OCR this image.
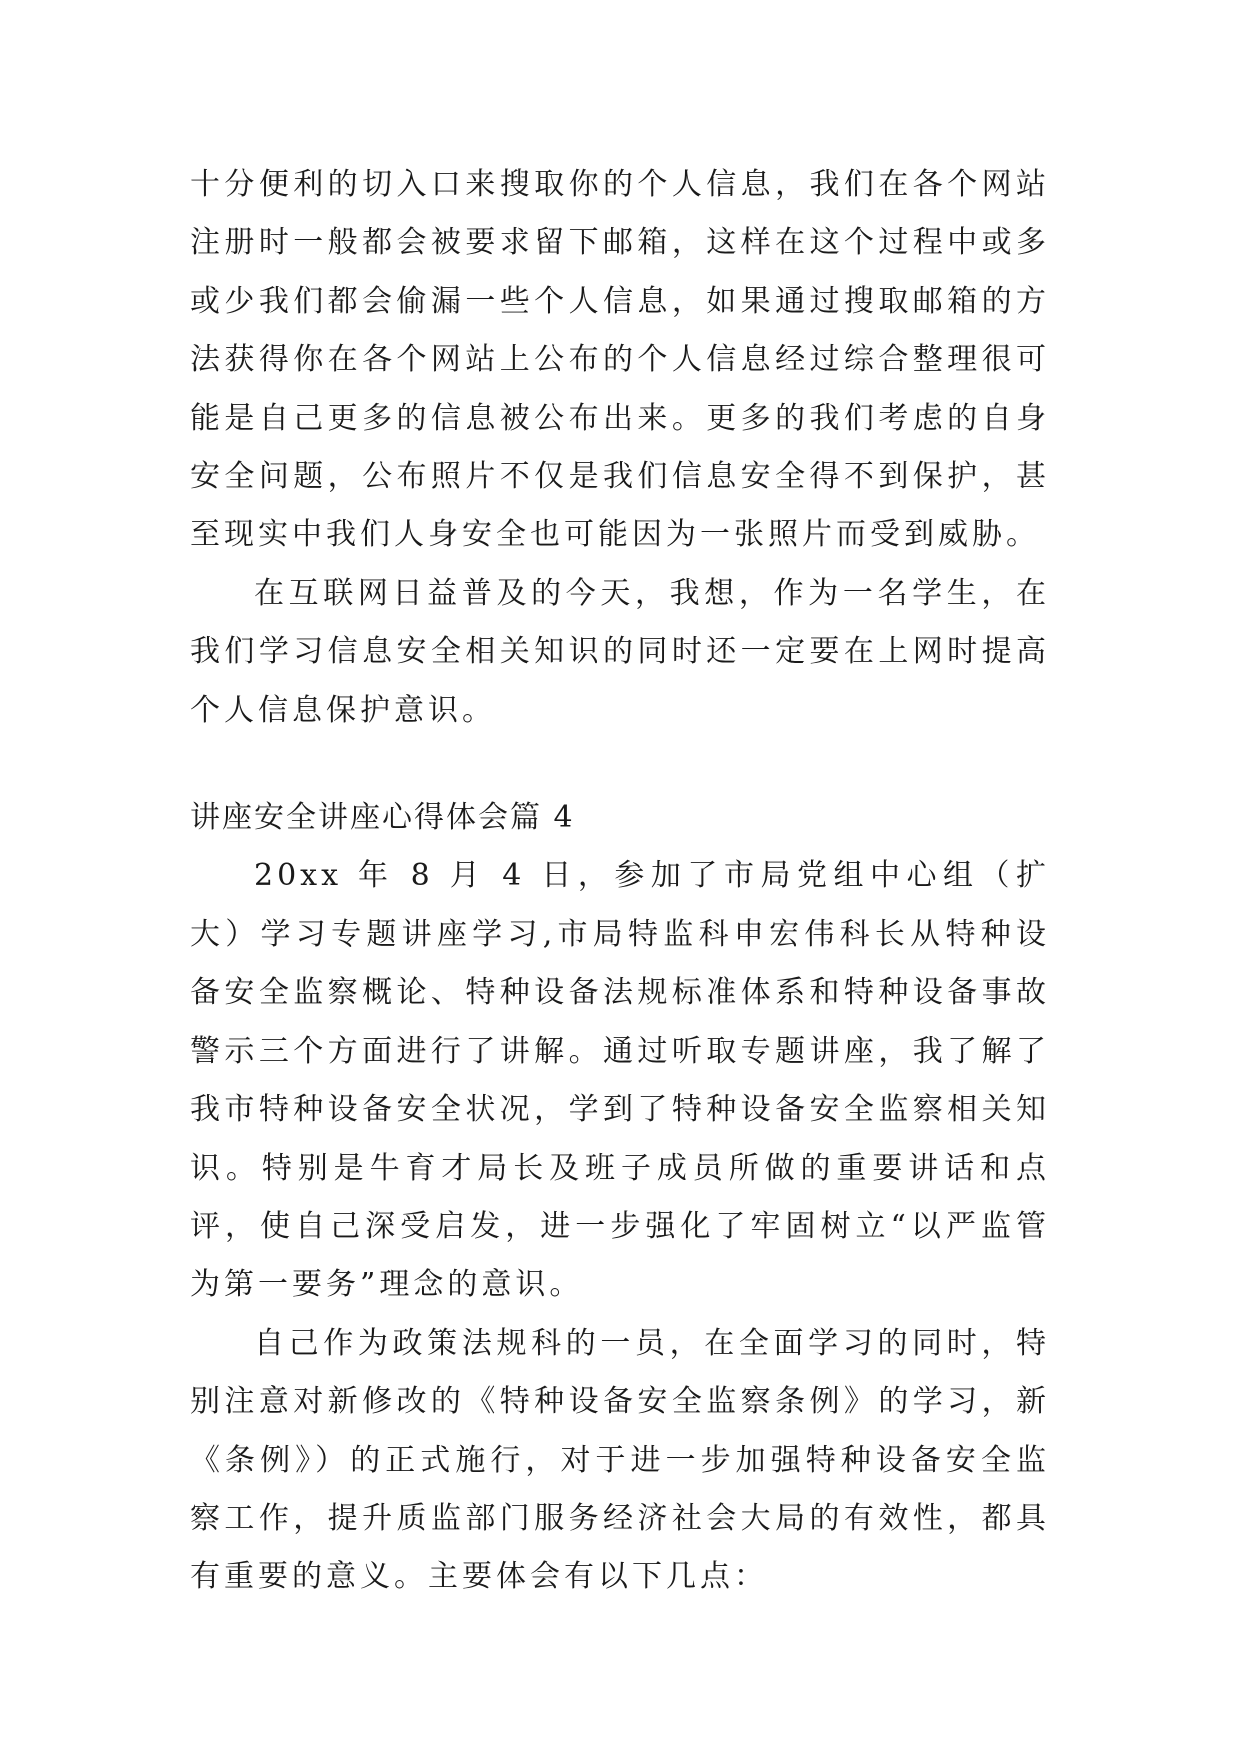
十分便利的切入口来搜取你的个人信息，我们在各个网站注册时一般都会被要求留下邮箱，这样在这个过程中或多或少我们都会偷漏一些个人信息，如果通过搜取邮箱的方法获得你在各个网站上公布的个人信息经过综合整理很可能是自己更多的信息被公布出来。更多的我们考虑的自身安全问题，公布照片不仅是我们信息安全得不到保护，甚至现实中我们人身安全也可能因为一张照片而受到威胁。

在互联网日益普及的今天，我想，作为一名学生，在我们学习信息安全相关知识的同时还一定要在上网时提高个人信息保护意识。

讲座安全讲座心得体会篇 4

20xx 年 8 月 4 日，参加了市局党组中心组（扩大）学习专题讲座学习,市局特监科申宏伟科长从特种设备安全监察概论、特种设备法规标准体系和特种设备事故警示三个方面进行了讲解。通过听取专题讲座，我了解了我市特种设备安全状况，学到了特种设备安全监察相关知识。特别是牛育才局长及班子成员所做的重要讲话和点评，使自己深受启发，进一步强化了牢固树立“以严监管为第一要务”理念的意识。

自己作为政策法规科的一员，在全面学习的同时，特别注意对新修改的《特种设备安全监察条例》的学习，新《条例》）的正式施行，对于进一步加强特种设备安全监察工作，提升质监部门服务经济社会大局的有效性，都具有重要的意义。主要体会有以下几点：
